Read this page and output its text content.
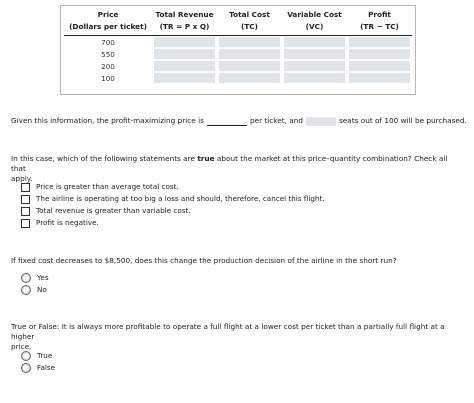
Price	Total Revenue	Total Cost	Variable Cost	Profit
(Dollars per ticket)	(TR = P x Q)	(TC)	(VC)	(TR − TC)
700	

550	

200	

100	

Given this information, the profit-maximizing price is	per ticket, and	seats out of 100 will be purchased.
In this case, which of the following statements are true about the market at this price–quantity combination? Check all that
apply.
Price is greater than average total cost.
The airline is operating at too big a loss and should, therefore, cancel this flight.
Total revenue is greater than variable cost.
Profit is negative.
If fixed cost decreases to $8,500, does this change the production decision of the airline in the short run?
Yes
No
True or False: It is always more profitable to operate a full flight at a lower cost per ticket than a partially full flight at a higher
price.
True
False
